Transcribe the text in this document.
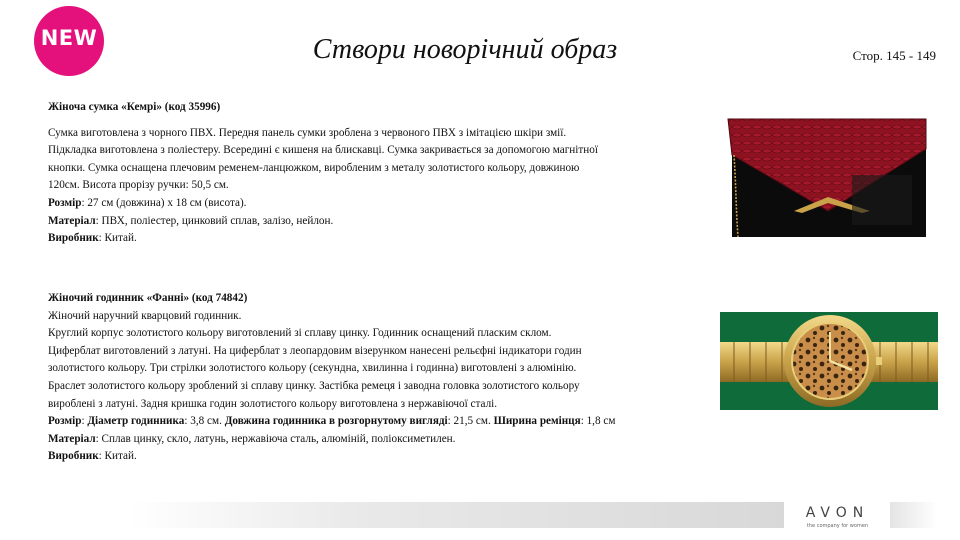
NEW	Створи новорічний образ	Стор. 145 - 149

Жіноча сумка «Кемрі» (код 35996)

Сумка виготовлена з чорного ПВХ. Передня панель сумки зроблена з червоного ПВХ з імітацією шкіри змії.

Підкладка виготовлена з поліестеру. Всередині є кишеня на блискавці. Сумка закривається за допомогою магнітної

кнопки. Сумка оснащена плечовим ременем-ланцюжком, виробленим з металу золотистого кольору, довжиною

120см. Висота прорізу ручки: 50,5 см.

Розмір: 27 см (довжина) х 18 см (висота).

Матеріал: ПВХ, поліестер, цинковий сплав, залізо, нейлон.

Виробник: Китай.

Жіночий годинник «Фанні» (код 74842)

Жіночий наручний кварцовий годинник.

Круглий корпус золотистого кольору виготовлений зі сплаву цинку. Годинник оснащений пласким склом.

Циферблат виготовлений з латуні. На циферблат з леопардовим візерунком нанесені рельєфні індикатори годин

золотистого кольору. Три стрілки золотистого кольору (секундна, хвилинна і годинна) виготовлені з алюмінію.

Браслет золотистого кольору зроблений зі сплаву цинку. Застібка ремеця і заводна головка золотистого кольору

вироблені з латуні. Задня кришка годин золотистого кольору виготовлена з нержавіючої сталі.

Розмір: Діаметр годинника: 3,8 см. Довжина годинника в розгорнутому вигляді: 21,5 см. Ширина ремінця: 1,8 см

Матеріал: Сплав цинку, скло, латунь, нержавіюча сталь, алюміній, поліоксиметилен.

Виробник: Китай.

AVON
the company for women
